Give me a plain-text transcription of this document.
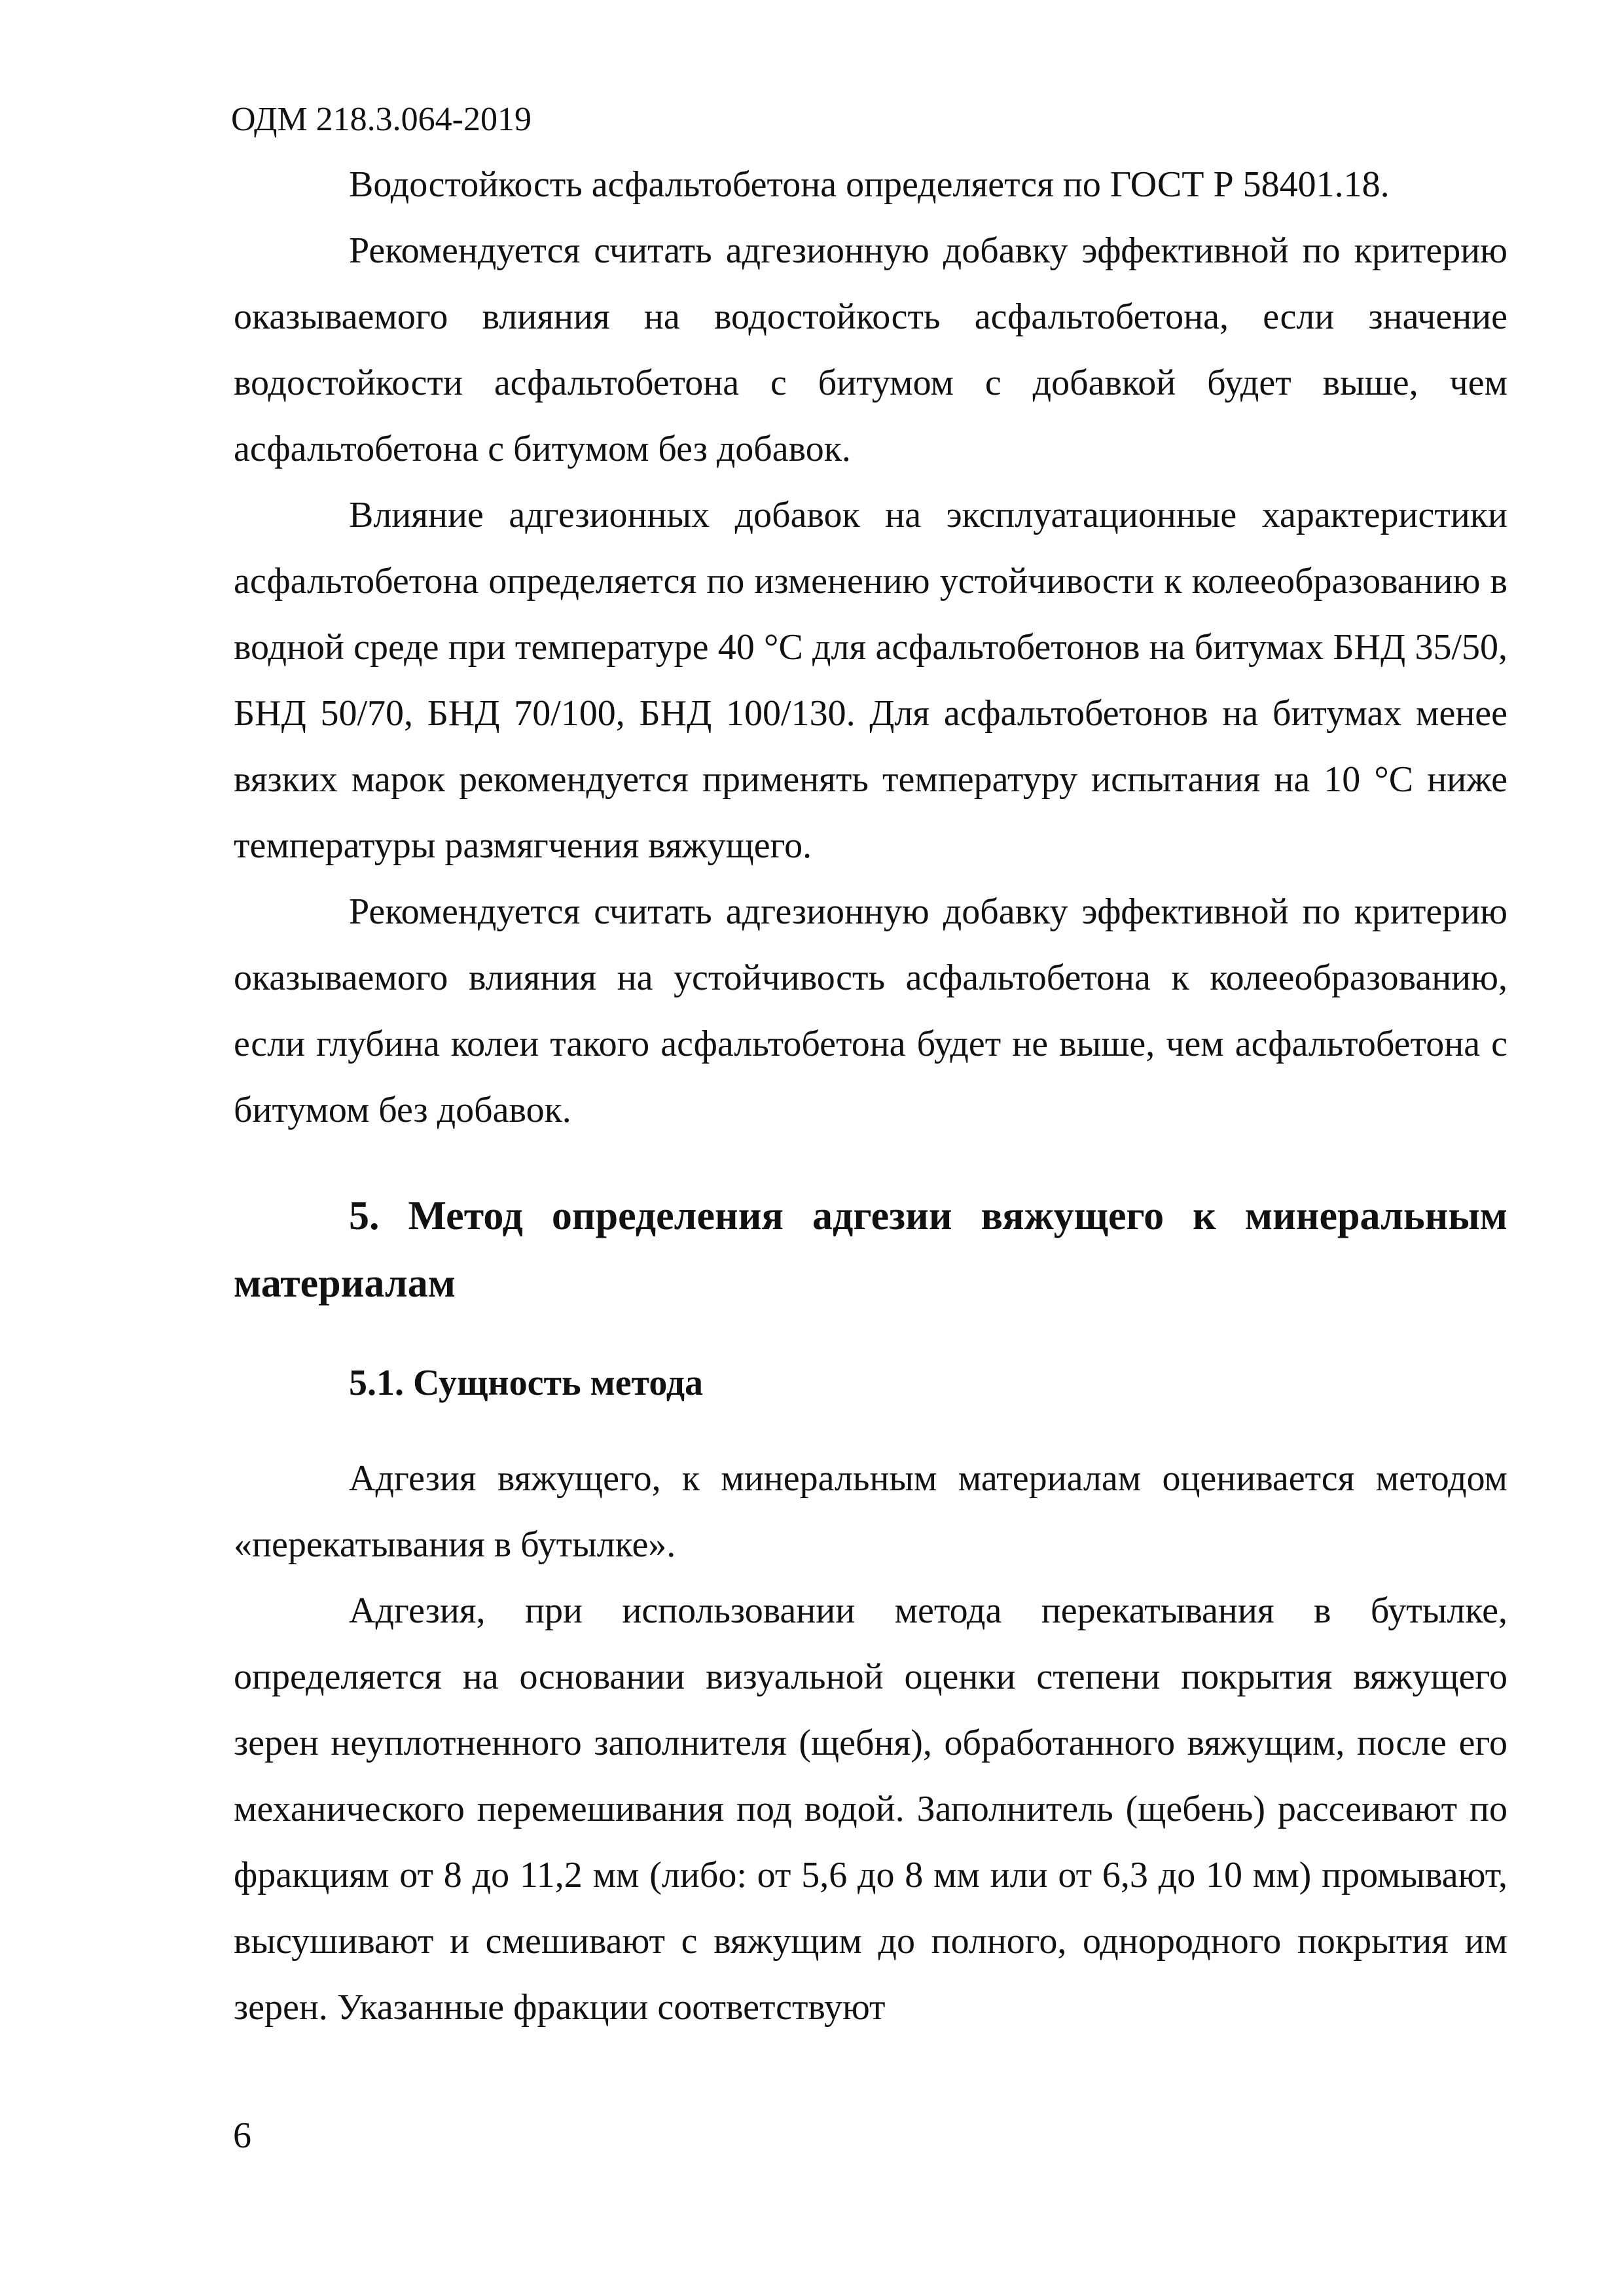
ОДМ 218.3.064-2019

Водостойкость асфальтобетона определяется по ГОСТ Р 58401.18.

Рекомендуется считать адгезионную добавку эффективной по критерию оказываемого влияния на водостойкость асфальтобетона, если значение водостойкости асфальтобетона с битумом с добавкой будет выше, чем асфальтобетона с битумом без добавок.

Влияние адгезионных добавок на эксплуатационные характеристики асфальтобетона определяется по изменению устойчивости к колееобразованию в водной среде при температуре 40 °С для асфальтобетонов на битумах БНД 35/50, БНД 50/70, БНД 70/100, БНД 100/130. Для асфальтобетонов на битумах менее вязких марок рекомендуется применять температуру испытания на 10 °С ниже температуры размягчения вяжущего.

Рекомендуется считать адгезионную добавку эффективной по критерию оказываемого влияния на устойчивость асфальтобетона к колееобразованию, если глубина колеи такого асфальтобетона будет не выше, чем асфальтобетона с битумом без добавок.

5. Метод определения адгезии вяжущего к минеральным материалам
5.1. Сущность метода

Адгезия вяжущего, к минеральным материалам оценивается методом «перекатывания в бутылке».

Адгезия, при использовании метода перекатывания в бутылке, определяется на основании визуальной оценки степени покрытия вяжущего зерен неуплотненного заполнителя (щебня), обработанного вяжущим, после его механического перемешивания под водой. Заполнитель (щебень) рассеивают по фракциям от 8 до 11,2 мм (либо: от 5,6 до 8 мм или от 6,3 до 10 мм) промывают, высушивают и смешивают с вяжущим до полного, однородного покрытия им зерен. Указанные фракции соответствуют

6
